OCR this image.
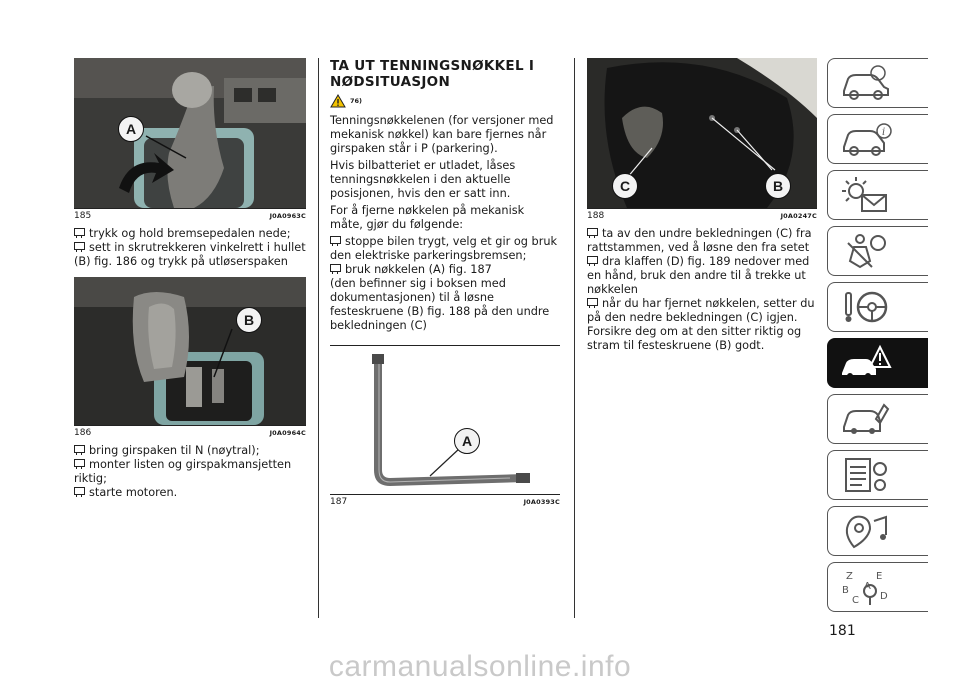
A
185	J0A0963C
trykk og hold bremsepedalen nede;
sett in skrutrekkeren vinkelrett i hullet (B) fig. 186 og trykk på utløserspaken
B
186	J0A0964C
bring girspaken til N (nøytral);
monter listen og girspakmansjetten riktig;
starte motoren.
TA UT TENNINGSNØKKEL I NØDSITUASJON
76)

Tenningsnøkkelenen (for versjoner med mekanisk nøkkel) kan bare fjernes når girspaken står i P (parkering).

Hvis bilbatteriet er utladet, låses tenningsnøkkelen i den aktuelle posisjonen, hvis den er satt inn.

For å fjerne nøkkelen på mekanisk måte, gjør du følgende:

stoppe bilen trygt, velg et gir og bruk den elektriske parkeringsbremsen;
bruk nøkkelen (A) fig. 187

(den befinner sig i boksen med dokumentasjonen) til å løsne festeskruene (B) fig. 188 på den undre bekledningen (C)

A
187	J0A0393C
C	B
188	J0A0247C
ta av den undre bekledningen (C) fra rattstammen, ved å løsne den fra setet
dra klaffen (D) fig. 189 nedover med en hånd, bruk den andre til å trekke ut nøkkelen
når du har fjernet nøkkelen, setter du på den nedre bekledningen (C) igjen.

Forsikre deg om at den sitter riktig og stram til festeskruene (B) godt.

i
Z E
B A
C D
181
carmanualsonline.info
